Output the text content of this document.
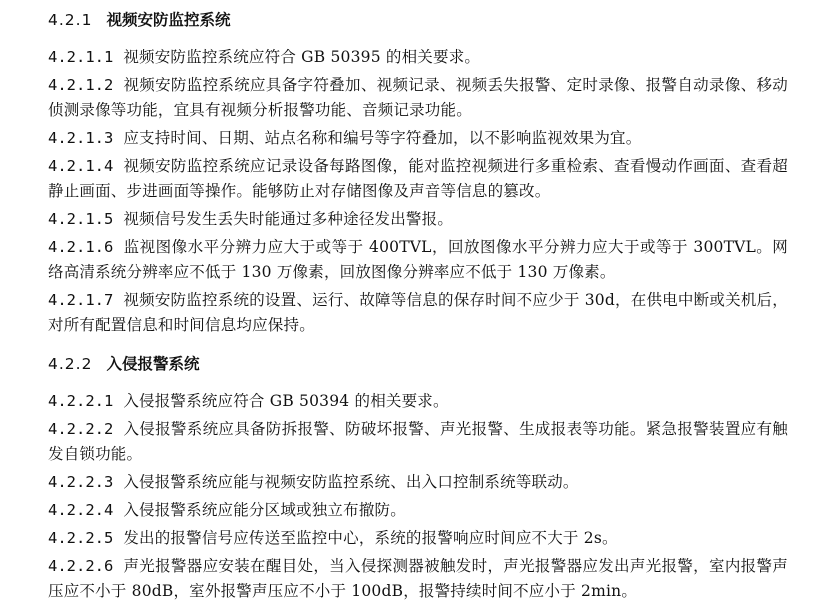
4.2.1 视频安防监控系统

4.2.1.1 视频安防监控系统应符合 GB 50395 的相关要求。

4.2.1.2 视频安防监控系统应具备字符叠加、视频记录、视频丢失报警、定时录像、报警自动录像、移动侦测录像等功能，宜具有视频分析报警功能、音频记录功能。

4.2.1.3 应支持时间、日期、站点名称和编号等字符叠加，以不影响监视效果为宜。

4.2.1.4 视频安防监控系统应记录设备每路图像，能对监控视频进行多重检索、查看慢动作画面、查看超静止画面、步进画面等操作。能够防止对存储图像及声音等信息的篡改。

4.2.1.5 视频信号发生丢失时能通过多种途径发出警报。

4.2.1.6 监视图像水平分辨力应大于或等于 400TVL，回放图像水平分辨力应大于或等于 300TVL。网络高清系统分辨率应不低于 130 万像素，回放图像分辨率应不低于 130 万像素。

4.2.1.7 视频安防监控系统的设置、运行、故障等信息的保存时间不应少于 30d，在供电中断或关机后，对所有配置信息和时间信息均应保持。

4.2.2 入侵报警系统

4.2.2.1 入侵报警系统应符合 GB 50394 的相关要求。

4.2.2.2 入侵报警系统应具备防拆报警、防破坏报警、声光报警、生成报表等功能。紧急报警装置应有触发自锁功能。

4.2.2.3 入侵报警系统应能与视频安防监控系统、出入口控制系统等联动。

4.2.2.4 入侵报警系统应能分区域或独立布撤防。

4.2.2.5 发出的报警信号应传送至监控中心，系统的报警响应时间应不大于 2s。

4.2.2.6 声光报警器应安装在醒目处，当入侵探测器被触发时，声光报警器应发出声光报警，室内报警声压应不小于 80dB，室外报警声压应不小于 100dB，报警持续时间不应小于 2min。
